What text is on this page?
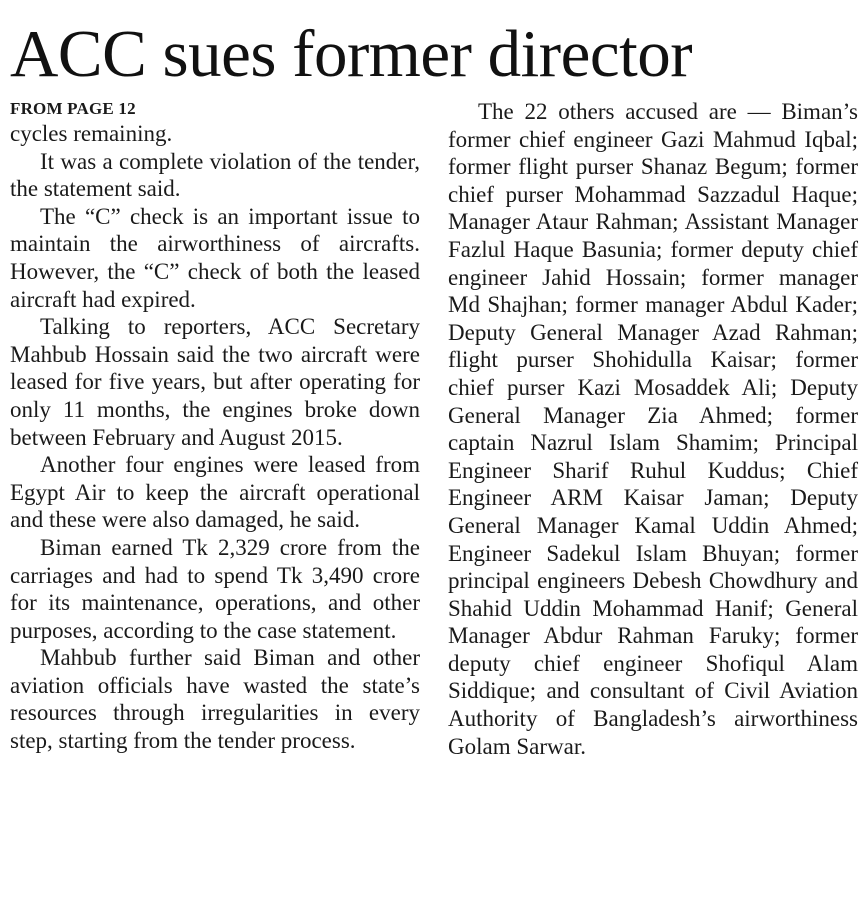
ACC sues former director
FROM PAGE 12

cycles remaining.

It was a complete violation of the tender, the statement said.

The “C” check is an important issue to maintain the airworthiness of aircrafts. However, the “C” check of both the leased aircraft had expired.

Talking to reporters, ACC Secretary Mahbub Hossain said the two aircraft were leased for five years, but after operating for only 11 months, the engines broke down between February and August 2015.

Another four engines were leased from Egypt Air to keep the aircraft operational and these were also damaged, he said.

Biman earned Tk 2,329 crore from the carriages and had to spend Tk 3,490 crore for its maintenance, operations, and other purposes, according to the case statement.

Mahbub further said Biman and other aviation officials have wasted the state’s resources through irregularities in every step, starting from the tender process.

The 22 others accused are — Biman’s former chief engineer Gazi Mahmud Iqbal; former flight purser Shanaz Begum; former chief purser Mohammad Sazzadul Haque; Manager Ataur Rahman; Assistant Manager Fazlul Haque Basunia; former deputy chief engineer Jahid Hossain; former manager Md Shajhan; former manager Abdul Kader; Deputy General Manager Azad Rahman; flight purser Shohidulla Kaisar; former chief purser Kazi Mosaddek Ali; Deputy General Manager Zia Ahmed; former captain Nazrul Islam Shamim; Principal Engineer Sharif Ruhul Kuddus; Chief Engineer ARM Kaisar Jaman; Deputy General Manager Kamal Uddin Ahmed; Engineer Sadekul Islam Bhuyan; former principal engineers Debesh Chowdhury and Shahid Uddin Mohammad Hanif; General Manager Abdur Rahman Faruky; former deputy chief engineer Shofiqul Alam Siddique; and consultant of Civil Aviation Authority of Bangladesh’s airworthiness Golam Sarwar.
